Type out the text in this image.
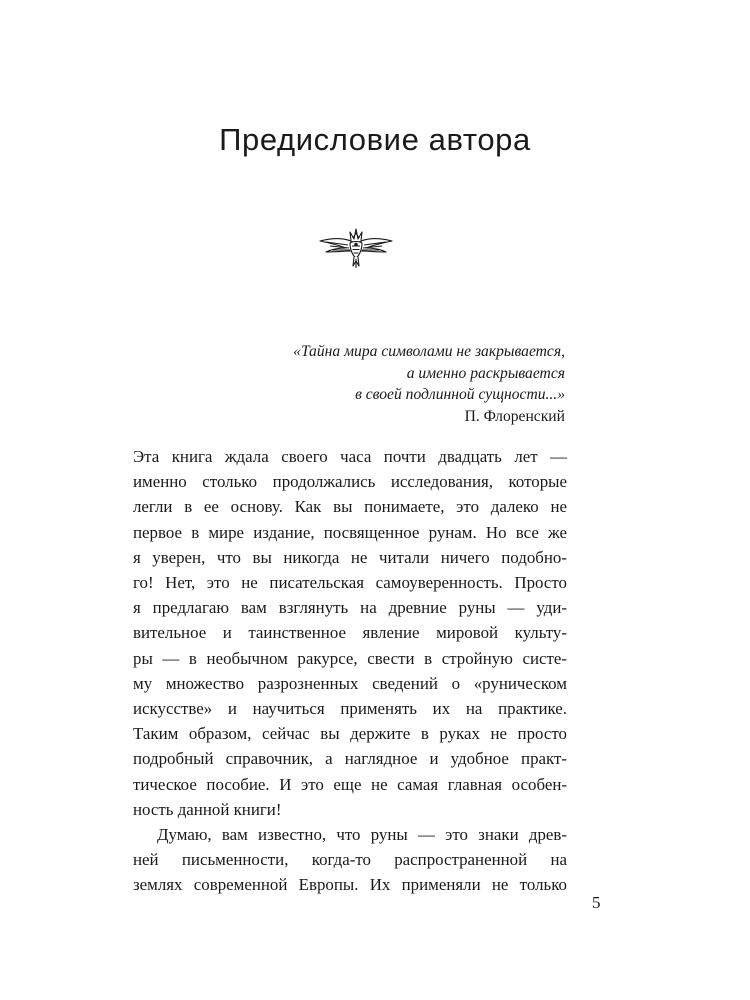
Предисловие автора
«Тайна мира символами не закрывается,
а именно раскрывается
в своей подлинной сущности...»
П. Флоренский
Эта книга ждала своего часа почти двадцать лет —
именно столько продолжались исследования, которые
легли в ее основу. Как вы понимаете, это далеко не
первое в мире издание, посвященное рунам. Но все же
я уверен, что вы никогда не читали ничего подобно-
го! Нет, это не писательская самоуверенность. Просто
я предлагаю вам взглянуть на древние руны — уди-
вительное и таинственное явление мировой культу-
ры — в необычном ракурсе, свести в стройную систе-
му множество разрозненных сведений о «руническом
искусстве» и научиться применять их на практике.
Таким образом, сейчас вы держите в руках не просто
подробный справочник, а наглядное и удобное практ-
тическое пособие. И это еще не самая главная особен-
ность данной книги!
Думаю, вам известно, что руны — это знаки древ-
ней письменности, когда-то распространенной на
землях современной Европы. Их применяли не только
5
